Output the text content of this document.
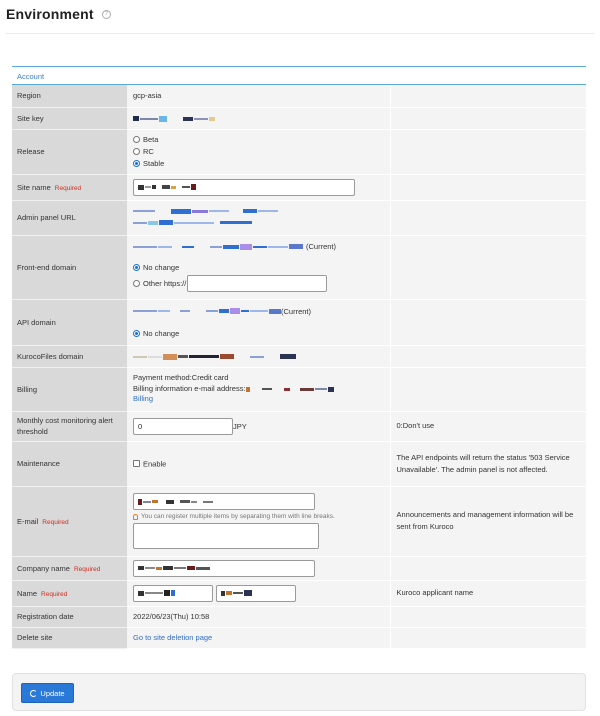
Environment	?
Account
Region	gcp-asia	
Site key	

Release	Beta
RC
Stable	

Site name Required	

Admin panel URL	

Front-end domain	(Current)
No change
Other https://	

API domain	(Current)
No change	

KurocoFiles domain	

Billing	Payment method:Credit card
Billing information e-mail address:
Billing	

Monthly cost monitoring alert threshold	0 JPY	0:Don't use
Maintenance	Enable	The API endpoints will return the status '503 Service Unavailable'. The admin panel is not affected.
E-mail Required	You can register multiple items by separating them with line breaks.	Announcements and management information will be sent from Kuroco
Company name Required	

Name Required		Kuroco applicant name
Registration date	2022/06/23(Thu) 10:58	
Delete site	Go to site deletion page	
Update
